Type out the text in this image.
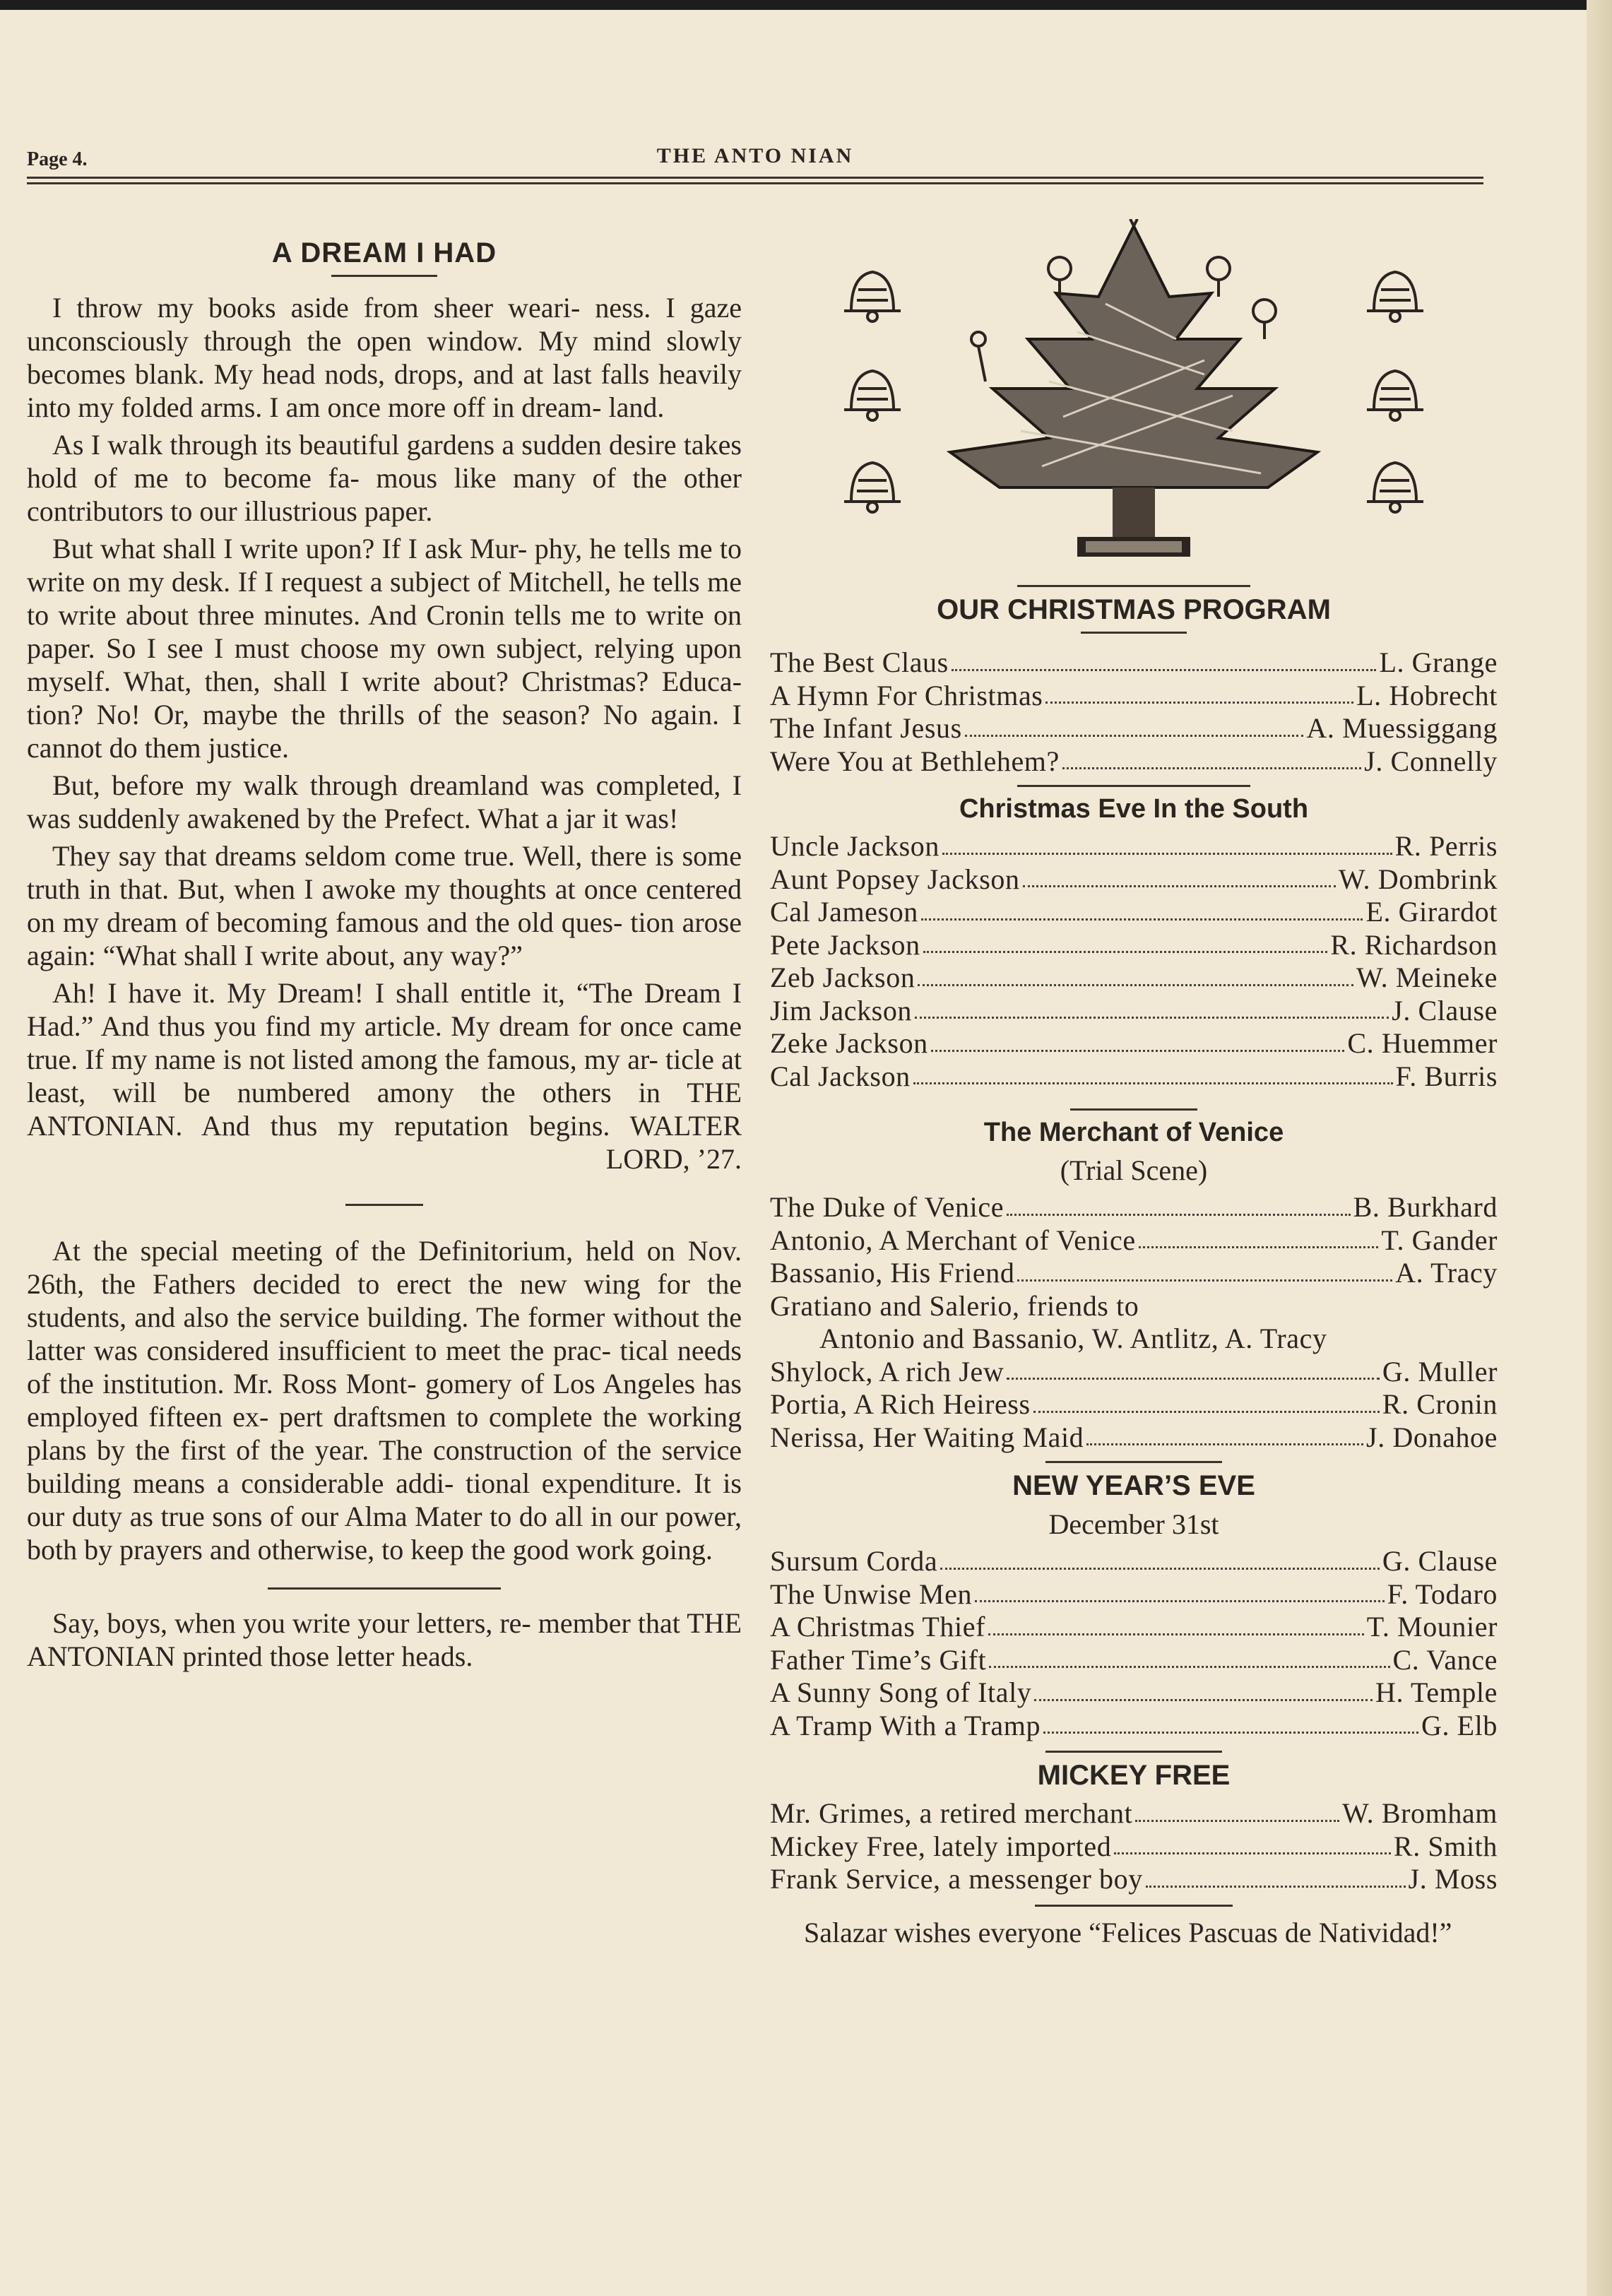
THE ANTO NIAN
Page 4.
A DREAM I HAD

I throw my books aside from sheer weari- ness. I gaze unconsciously through the open window. My mind slowly becomes blank. My head nods, drops, and at last falls heavily into my folded arms. I am once more off in dream- land.

As I walk through its beautiful gardens a sudden desire takes hold of me to become fa- mous like many of the other contributors to our illustrious paper.

But what shall I write upon? If I ask Mur- phy, he tells me to write on my desk. If I request a subject of Mitchell, he tells me to write about three minutes. And Cronin tells me to write on paper. So I see I must choose my own subject, relying upon myself. What, then, shall I write about? Christmas? Educa- tion? No! Or, maybe the thrills of the season? No again. I cannot do them justice.

But, before my walk through dreamland was completed, I was suddenly awakened by the Prefect. What a jar it was!

They say that dreams seldom come true. Well, there is some truth in that. But, when I awoke my thoughts at once centered on my dream of becoming famous and the old ques- tion arose again: “What shall I write about, any way?”

Ah! I have it. My Dream! I shall entitle it, “The Dream I Had.” And thus you find my article. My dream for once came true. If my name is not listed among the famous, my ar- ticle at least, will be numbered amony the others in THE ANTONIAN. And thus my reputation begins. WALTER LORD, ’27.

At the special meeting of the Definitorium, held on Nov. 26th, the Fathers decided to erect the new wing for the students, and also the service building. The former without the latter was considered insufficient to meet the prac- tical needs of the institution. Mr. Ross Mont- gomery of Los Angeles has employed fifteen ex- pert draftsmen to complete the working plans by the first of the year. The construction of the service building means a considerable addi- tional expenditure. It is our duty as true sons of our Alma Mater to do all in our power, both by prayers and otherwise, to keep the good work going.

Say, boys, when you write your letters, re- member that THE ANTONIAN printed those letter heads.

OUR CHRISTMAS PROGRAM
The Best Claus	L. Grange
A Hymn For Christmas	L. Hobrecht
The Infant Jesus	A. Muessiggang
Were You at Bethlehem?	J. Connelly
Christmas Eve In the South
Uncle Jackson	R. Perris
Aunt Popsey Jackson	W. Dombrink
Cal Jameson	E. Girardot
Pete Jackson	R. Richardson
Zeb Jackson	W. Meineke
Jim Jackson	J. Clause
Zeke Jackson	C. Huemmer
Cal Jackson	F. Burris
The Merchant of Venice
(Trial Scene)
The Duke of Venice	B. Burkhard
Antonio, A Merchant of Venice	T. Gander
Bassanio, His Friend	A. Tracy
Gratiano and Salerio, friends to
Antonio and Bassanio, W. Antlitz, A. Tracy
Shylock, A rich Jew	G. Muller
Portia, A Rich Heiress	R. Cronin
Nerissa, Her Waiting Maid	J. Donahoe
NEW YEAR’S EVE
December 31st
Sursum Corda	G. Clause
The Unwise Men	F. Todaro
A Christmas Thief	T. Mounier
Father Time’s Gift	C. Vance
A Sunny Song of Italy	H. Temple
A Tramp With a Tramp	G. Elb
MICKEY FREE
Mr. Grimes, a retired merchant	W. Bromham
Mickey Free, lately imported	R. Smith
Frank Service, a messenger boy	J. Moss
Salazar wishes everyone “Felices Pascuas de Natividad!”
